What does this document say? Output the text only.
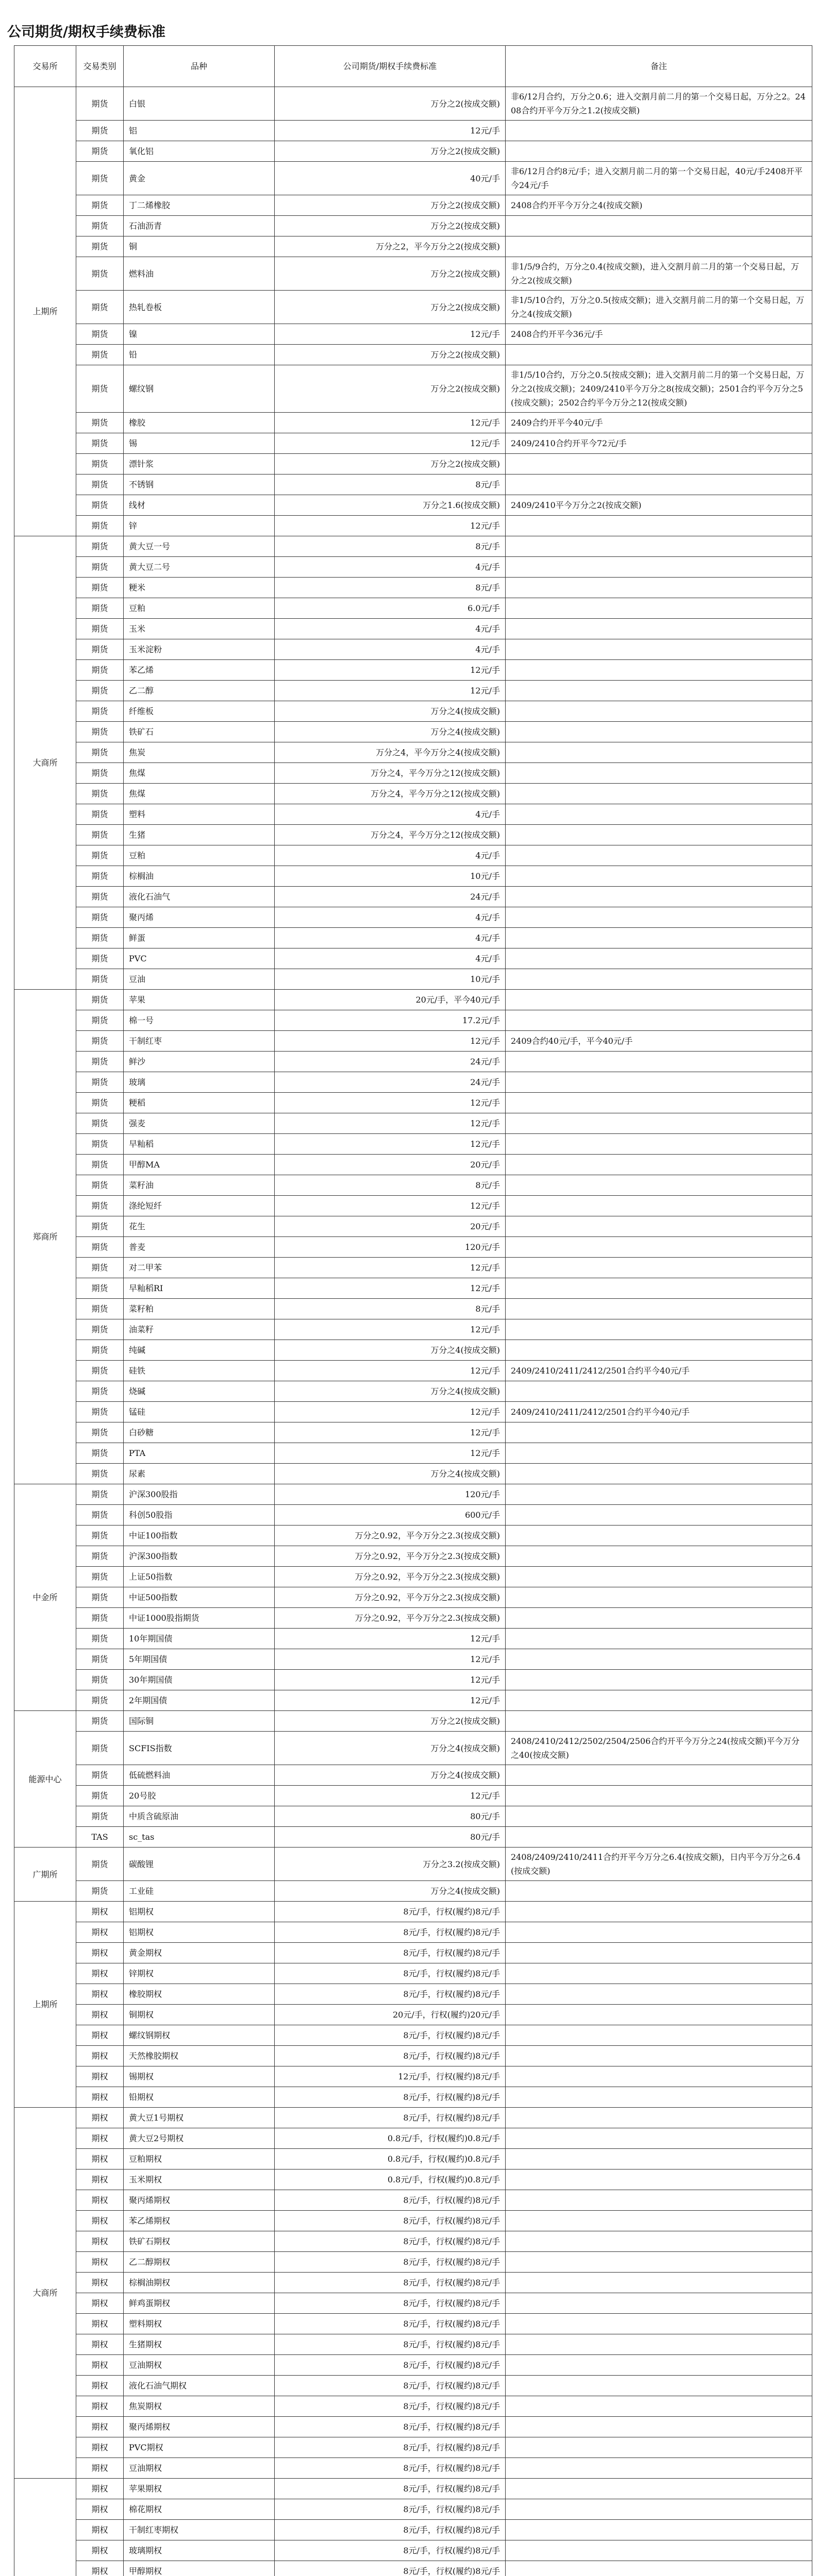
公司期货/期权手续费标准
交易所	交易类别	品种	公司期货/期权手续费标准	备注
上期所	期货	白银	万分之2(按成交额)	非6/12月合约，万分之0.6；进入交割月前二月的第一个交易日起，万分之2。2408合约开平今万分之1.2(按成交额)
	期货	铝	12元/手	
	期货	氧化铝	万分之2(按成交额)	
	期货	黄金	40元/手	非6/12月合约8元/手；进入交割月前二月的第一个交易日起，40元/手2408开平今24元/手
	期货	丁二烯橡胶	万分之2(按成交额)	2408合约开平今万分之4(按成交额)
	期货	石油沥青	万分之2(按成交额)	
	期货	铜	万分之2，平今万分之2(按成交额)	
	期货	燃料油	万分之2(按成交额)	非1/5/9合约，万分之0.4(按成交额)，进入交割月前二月的第一个交易日起，万分之2(按成交额)
	期货	热轧卷板	万分之2(按成交额)	非1/5/10合约，万分之0.5(按成交额)；进入交割月前二月的第一个交易日起，万分之4(按成交额)
	期货	镍	12元/手	2408合约开平今36元/手
	期货	铅	万分之2(按成交额)	
	期货	螺纹钢	万分之2(按成交额)	非1/5/10合约，万分之0.5(按成交额)；进入交割月前二月的第一个交易日起，万分之2(按成交额)；2409/2410平今万分之8(按成交额)；2501合约平今万分之5(按成交额)；2502合约平今万分之12(按成交额)
	期货	橡胶	12元/手	2409合约开平今40元/手
	期货	锡	12元/手	2409/2410合约开平今72元/手
	期货	漂针浆	万分之2(按成交额)	
	期货	不锈钢	8元/手	
	期货	线材	万分之1.6(按成交额)	2409/2410平今万分之2(按成交额)
	期货	锌	12元/手	
大商所	期货	黄大豆一号	8元/手	
	期货	黄大豆二号	4元/手	
	期货	粳米	8元/手	
	期货	豆粕	6.0元/手	
	期货	玉米	4元/手	
	期货	玉米淀粉	4元/手	
	期货	苯乙烯	12元/手	
	期货	乙二醇	12元/手	
	期货	纤维板	万分之4(按成交额)	
	期货	铁矿石	万分之4(按成交额)	
	期货	焦炭	万分之4，平今万分之4(按成交额)	
	期货	焦煤	万分之4，平今万分之12(按成交额)	
	期货	焦煤	万分之4，平今万分之12(按成交额)	
	期货	塑料	4元/手	
	期货	生猪	万分之4，平今万分之12(按成交额)	
	期货	豆粕	4元/手	
	期货	棕榈油	10元/手	
	期货	液化石油气	24元/手	
	期货	聚丙烯	4元/手	
	期货	鲜蛋	4元/手	
	期货	PVC	4元/手	
	期货	豆油	10元/手	
郑商所	期货	苹果	20元/手，平今40元/手	
	期货	棉一号	17.2元/手	
	期货	干制红枣	12元/手	2409合约40元/手，平今40元/手
	期货	鲜沙	24元/手	
	期货	玻璃	24元/手	
	期货	粳稻	12元/手	
	期货	强麦	12元/手	
	期货	早籼稻	12元/手	
	期货	甲醇MA	20元/手	
	期货	菜籽油	8元/手	
	期货	涤纶短纤	12元/手	
	期货	花生	20元/手	
	期货	普麦	120元/手	
	期货	对二甲苯	12元/手	
	期货	早籼稻RI	12元/手	
	期货	菜籽粕	8元/手	
	期货	油菜籽	12元/手	
	期货	纯碱	万分之4(按成交额)	
	期货	硅铁	12元/手	2409/2410/2411/2412/2501合约平今40元/手
	期货	烧碱	万分之4(按成交额)	
	期货	锰硅	12元/手	2409/2410/2411/2412/2501合约平今40元/手
	期货	白砂糖	12元/手	
	期货	PTA	12元/手	
	期货	尿素	万分之4(按成交额)	
中金所	期货	沪深300股指	120元/手	
	期货	科创50股指	600元/手	
	期货	中证100指数	万分之0.92，平今万分之2.3(按成交额)	
	期货	沪深300指数	万分之0.92，平今万分之2.3(按成交额)	
	期货	上证50指数	万分之0.92，平今万分之2.3(按成交额)	
	期货	中证500指数	万分之0.92，平今万分之2.3(按成交额)	
	期货	中证1000股指期货	万分之0.92，平今万分之2.3(按成交额)	
	期货	10年期国债	12元/手	
	期货	5年期国债	12元/手	
	期货	30年期国债	12元/手	
	期货	2年期国债	12元/手	
能源中心	期货	国际铜	万分之2(按成交额)	
	期货	SCFIS指数	万分之4(按成交额)	2408/2410/2412/2502/2504/2506合约开平今万分之24(按成交额)平今万分之40(按成交额)
	期货	低硫燃料油	万分之4(按成交额)	
	期货	20号胶	12元/手	
	期货	中质含硫原油	80元/手	
	TAS	sc_tas	80元/手	
广期所	期货	碳酸锂	万分之3.2(按成交额)	2408/2409/2410/2411合约开平今万分之6.4(按成交额)，日内平今万分之6.4(按成交额)
	期货	工业硅	万分之4(按成交额)	
上期所	期权	铝期权	8元/手，行权(履约)8元/手	
	期权	铝期权	8元/手，行权(履约)8元/手	
	期权	黄金期权	8元/手，行权(履约)8元/手	
	期权	锌期权	8元/手，行权(履约)8元/手	
	期权	橡胶期权	8元/手，行权(履约)8元/手	
	期权	铜期权	20元/手，行权(履约)20元/手	
	期权	螺纹钢期权	8元/手，行权(履约)8元/手	
	期权	天然橡胶期权	8元/手，行权(履约)8元/手	
	期权	锡期权	12元/手，行权(履约)8元/手	
	期权	铅期权	8元/手，行权(履约)8元/手	
大商所	期权	黄大豆1号期权	8元/手，行权(履约)8元/手	
	期权	黄大豆2号期权	0.8元/手，行权(履约)0.8元/手	
	期权	豆粕期权	0.8元/手，行权(履约)0.8元/手	
	期权	玉米期权	0.8元/手，行权(履约)0.8元/手	
	期权	聚丙烯期权	8元/手，行权(履约)8元/手	
	期权	苯乙烯期权	8元/手，行权(履约)8元/手	
	期权	铁矿石期权	8元/手，行权(履约)8元/手	
	期权	乙二醇期权	8元/手，行权(履约)8元/手	
	期权	棕榈油期权	8元/手，行权(履约)8元/手	
	期权	鲜鸡蛋期权	8元/手，行权(履约)8元/手	
	期权	塑料期权	8元/手，行权(履约)8元/手	
	期权	生猪期权	8元/手，行权(履约)8元/手	
	期权	豆油期权	8元/手，行权(履约)8元/手	
	期权	液化石油气期权	8元/手，行权(履约)8元/手	
	期权	焦炭期权	8元/手，行权(履约)8元/手	
	期权	聚丙烯期权	8元/手，行权(履约)8元/手	
	期权	PVC期权	8元/手，行权(履约)8元/手	
	期权	豆油期权	8元/手，行权(履约)8元/手	
	期权	苹果期权	8元/手，行权(履约)8元/手	
	期权	棉花期权	8元/手，行权(履约)8元/手	
	期权	干制红枣期权	8元/手，行权(履约)8元/手	
	期权	玻璃期权	8元/手，行权(履约)8元/手	
	期权	甲醇期权	8元/手，行权(履约)8元/手	
